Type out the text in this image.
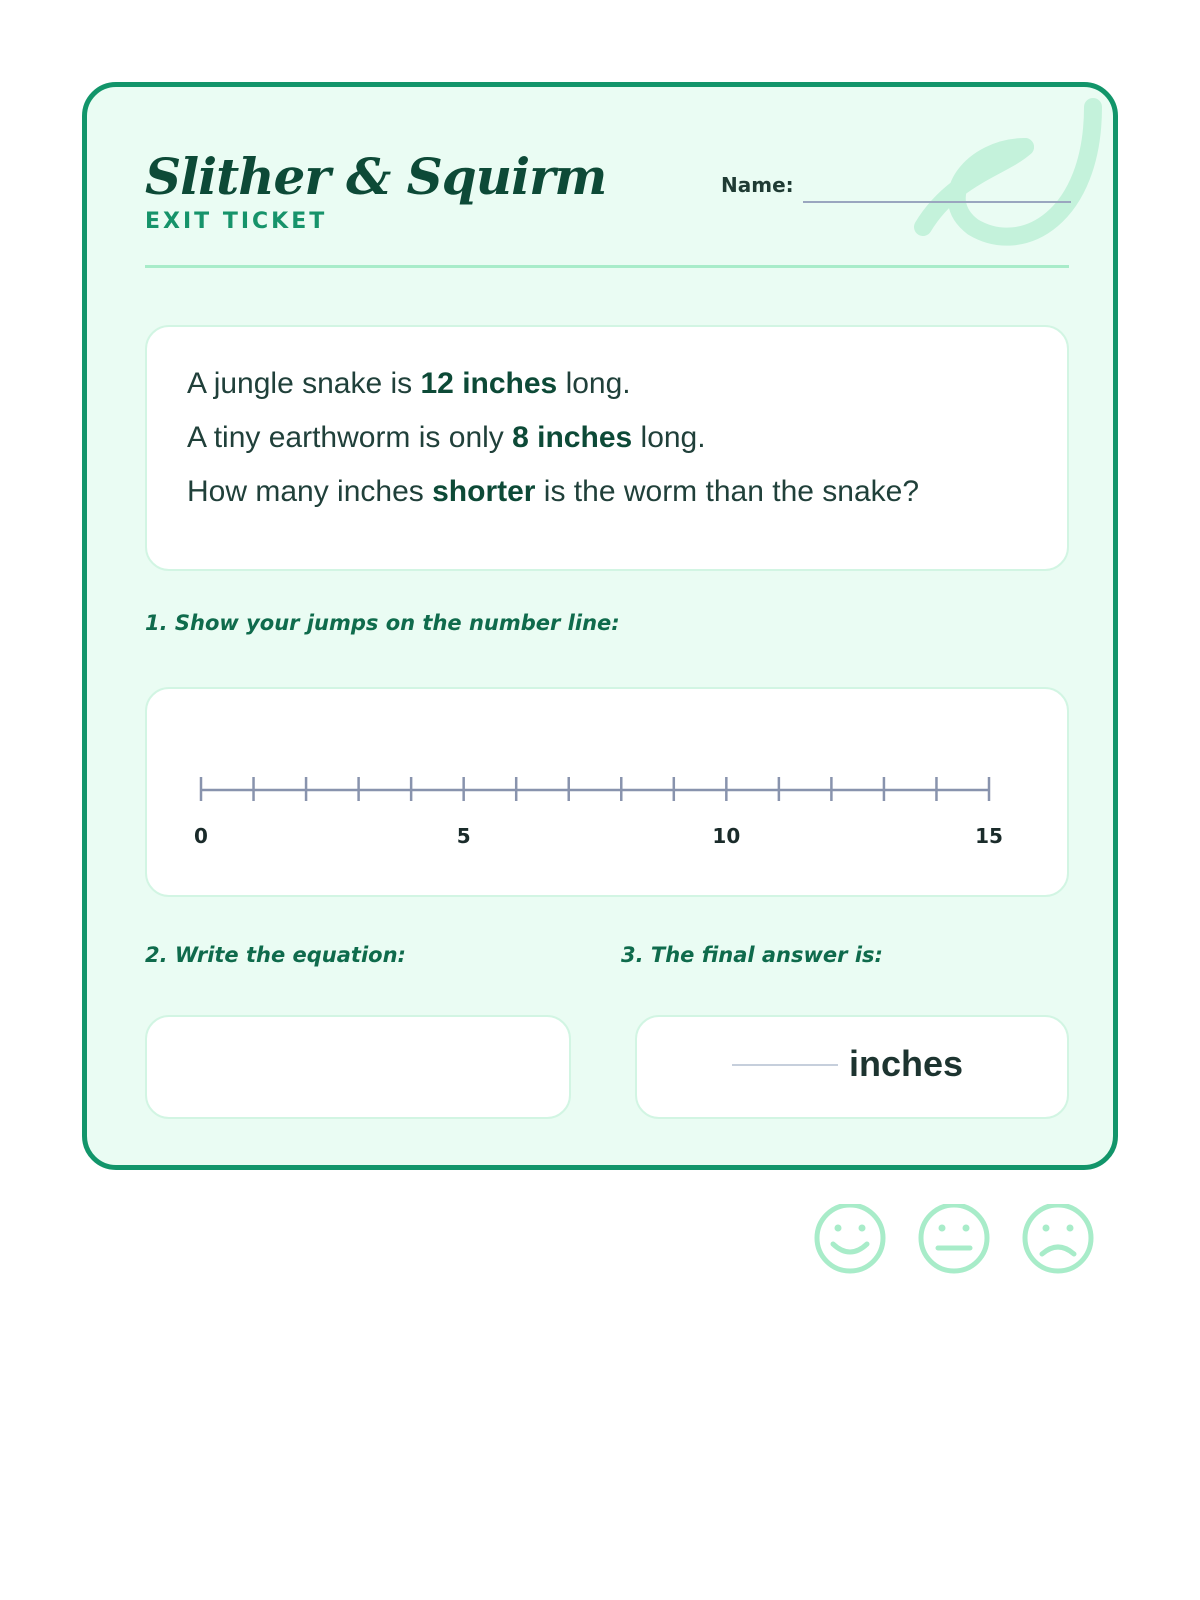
Slither & Squirm
EXIT TICKET
Name:

A jungle snake is 12 inches long.

A tiny earthworm is only 8 inches long.

How many inches shorter is the worm than the snake?

1. Show your jumps on the number line:
0	5	10	15
2. Write the equation:	3. The final answer is:
inches
